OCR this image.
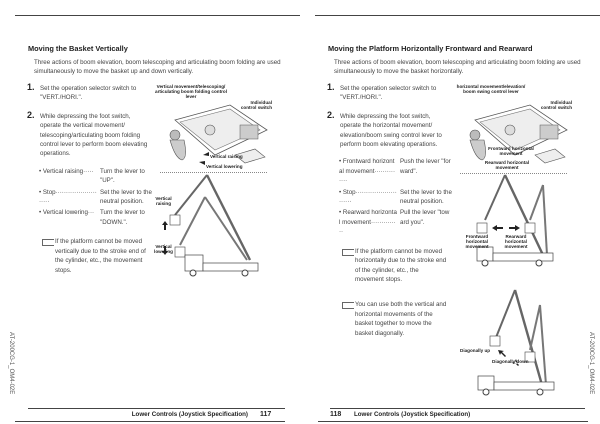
Moving the Basket Vertically
Three actions of boom elevation, boom telescoping and articulating boom folding are used simultaneously to move the basket up and down vertically.
1. Set the operation selector switch to "VERT./HORI.".
2. While depressing the foot switch, operate the vertical movement/ telescoping/articulating boom folding control lever to perform boom elevating operations.
• Vertical raising·····	Turn the lever to "UP".
• Stop·························
Set the lever to the neutral position.
• Vertical lowering··· Turn the lever to "DOWN.".
If the platform cannot be moved vertically due to the stroke end of the cylinder, etc., the movement stops.
Vertical movement/telescoping/ articulating boom folding control lever
Individual control switch
Vertical raising
Vertical lowering
Vertical raising
Vertical lowering
AT-200CG-1_OM4-02E
Lower Controls (Joystick Specification) 117
Moving the Platform Horizontally Frontward and Rearward
Three actions of boom elevation, boom telescoping and articulating boom folding are used simultaneously to move the basket horizontally.
1. Set the operation selector switch to "VERT./HORI.".
2. While depressing the foot switch, operate the horizontal movement/ elevation/boom swing control lever to perform boom elevating operations.
• Frontward horizontal movement··············
Push the lever "forward".
• Stop··························
Set the lever to the neutral position.
• Rearward horizontal movement··············
Pull the lever "toward you".
If the platform cannot be moved horizontally due to the stroke end of the cylinder, etc., the movement stops.
You can use both the vertical and horizontal movements of the basket together to move the basket diagonally.
horizontal movement/elevation/ boom swing control lever
Individual control switch
Frontward horizontal movement
Rearward horizontal movement
Frontward horizontal movement
Rearward horizontal movement
Diagonally up
Diagonally down	AT-200CG-1_OM4-02E
118 Lower Controls (Joystick Specification)
